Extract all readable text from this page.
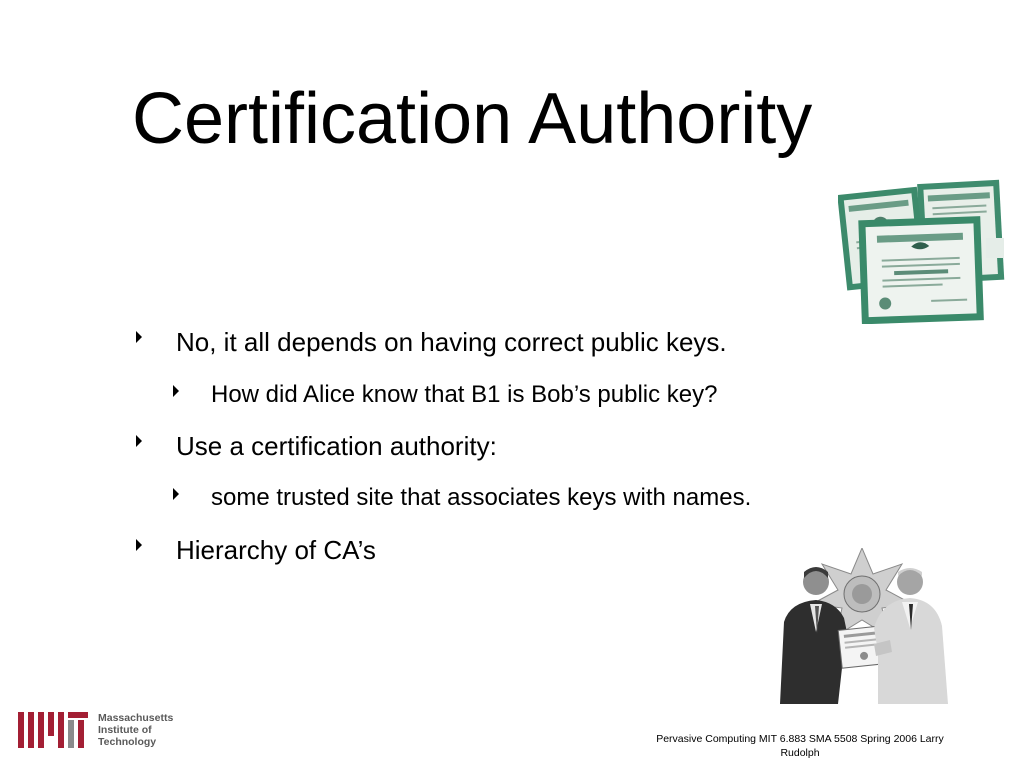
Certification Authority
No, it all depends on having correct public keys.
How did Alice know that B1 is Bob’s public key?
Use a certification authority:
some trusted site that associates keys with names.
Hierarchy of CA’s
Massachusetts
Institute of
Technology	Pervasive Computing MIT 6.883 SMA 5508 Spring 2006 Larry
Rudolph
